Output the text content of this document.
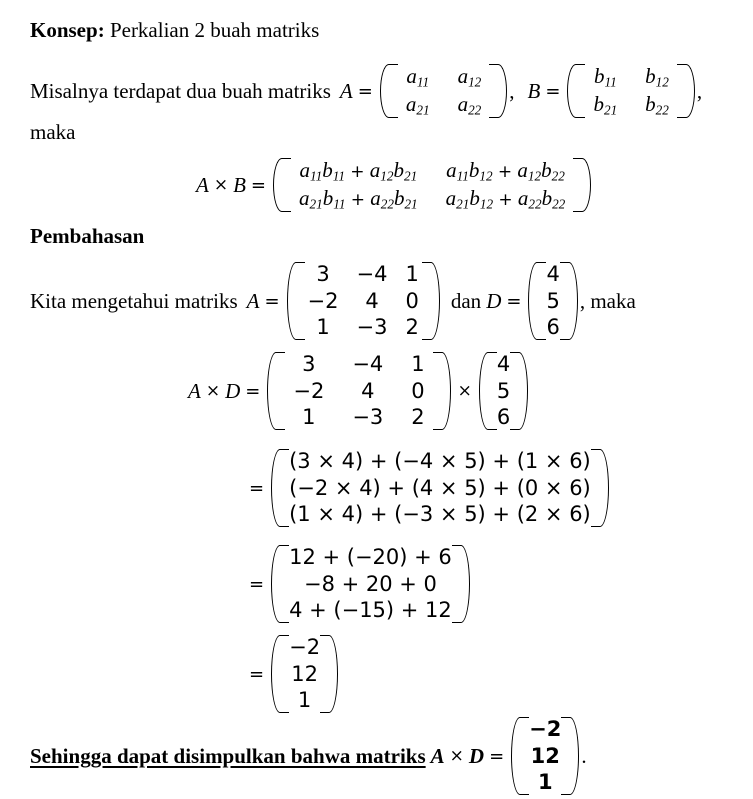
Konsep: Perkalian 2 buah matriks
Misalnya terdapat dua buah matriks A =
$a_{11}$	$a_{12}$
$a_{21}$	$a_{22}$
, B =
$b_{11}$	$b_{12}$
$b_{21}$	$b_{22}$
,
maka
A × B =
$a_{11}b_{11} + a_{12}b_{21}$	$a_{11}b_{12} + a_{12}b_{22}$
$a_{21}b_{11} + a_{22}b_{21}$	$a_{21}b_{12} + a_{22}b_{22}$
Pembahasan
Kita mengetahui matriks A =
3	−4	1
−2	4	0
1	−3	2
dan D =
4
5
6
, maka
A × D =
3	−4	1
−2	4	0
1	−3	2
×
4
5
6
=
(3 × 4) + (−4 × 5) + (1 × 6)
(−2 × 4) + (4 × 5) + (0 × 6)
(1 × 4) + (−3 × 5) + (2 × 6)
=
12 + (−20) + 6
−8 + 20 + 0
4 + (−15) + 12
=
−2
12
1
Sehingga dapat disimpulkan bahwa matriks A × D =
−2
12
1
.
